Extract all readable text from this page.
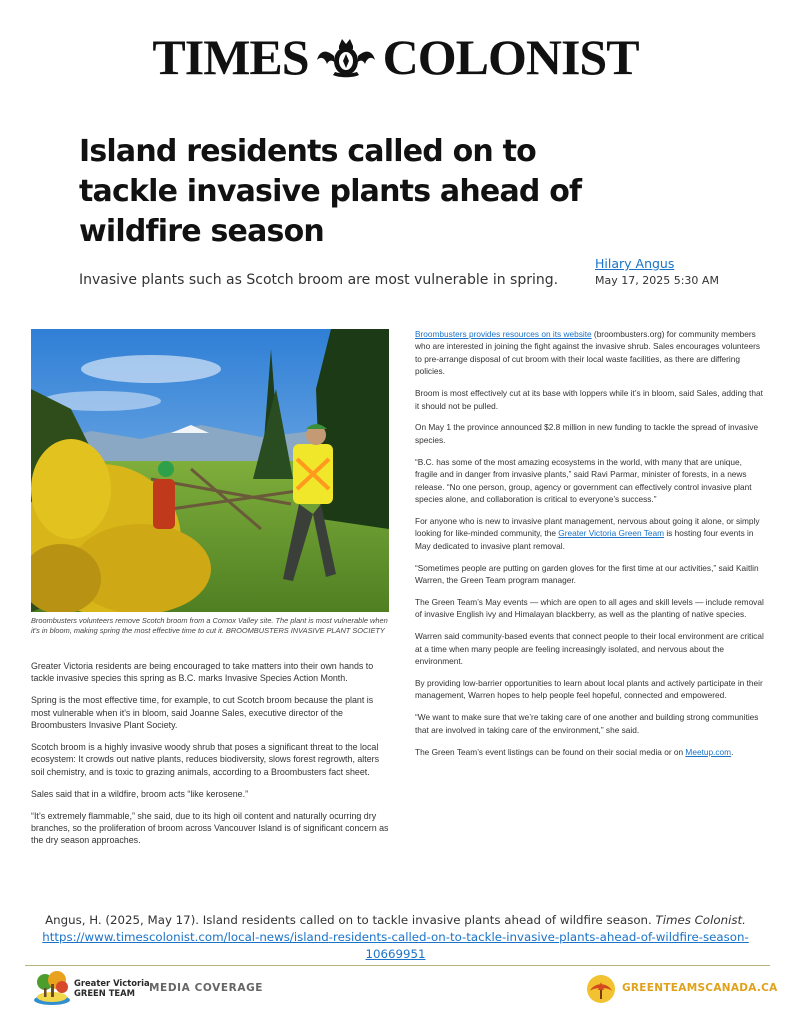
TIMES COLONIST
Island residents called on to tackle invasive plants ahead of wildfire season

Invasive plants such as Scotch broom are most vulnerable in spring.

Hilary Angus
May 17, 2025 5:30 AM
Broombusters volunteers remove Scotch broom from a Comox Valley site. The plant is most vulnerable when it's in bloom, making spring the most effective time to cut it. BROOMBUSTERS INVASIVE PLANT SOCIETY

Greater Victoria residents are being encouraged to take matters into their own hands to tackle invasive species this spring as B.C. marks Invasive Species Action Month.

Spring is the most effective time, for example, to cut Scotch broom because the plant is most vulnerable when it's in bloom, said Joanne Sales, executive director of the Broombusters Invasive Plant Society.

Scotch broom is a highly invasive woody shrub that poses a significant threat to the local ecosystem: It crowds out native plants, reduces biodiversity, slows forest regrowth, alters soil chemistry, and is toxic to grazing animals, according to a Broombusters fact sheet.

Sales said that in a wildfire, broom acts “like kerosene.”

“It’s extremely flammable,” she said, due to its high oil content and naturally ocurring dry branches, so the proliferation of broom across Vancouver Island is of significant concern as the dry season approaches.

Broombusters provides resources on its website (broombusters.org) for community members who are interested in joining the fight against the invasive shrub. Sales encourages volunteers to pre-arrange disposal of cut broom with their local waste facilities, as there are differing policies.

Broom is most effectively cut at its base with loppers while it’s in bloom, said Sales, adding that it should not be pulled.

On May 1 the province announced $2.8 million in new funding to tackle the spread of invasive species.

“B.C. has some of the most amazing ecosystems in the world, with many that are unique, fragile and in danger from invasive plants,” said Ravi Parmar, minister of forests, in a news release. “No one person, group, agency or government can effectively control invasive plant species alone, and collaboration is critical to everyone’s success.”

For anyone who is new to invasive plant management, nervous about going it alone, or simply looking for like-minded community, the Greater Victoria Green Team is hosting four events in May dedicated to invasive plant removal.

“Sometimes people are putting on garden gloves for the first time at our activities,” said Kaitlin Warren, the Green Team program manager.

The Green Team’s May events — which are open to all ages and skill levels — include removal of invasive English ivy and Himalayan blackberry, as well as the planting of native species.

Warren said community-based events that connect people to their local environment are critical at a time when many people are feeling increasingly isolated, and nervous about the environment.

By providing low-barrier opportunities to learn about local plants and actively participate in their management, Warren hopes to help people feel hopeful, connected and empowered.

“We want to make sure that we’re taking care of one another and building strong communities that are involved in taking care of the environment,” she said.

The Green Team’s event listings can be found on their social media or on Meetup.com.

Angus, H. (2025, May 17). Island residents called on to tackle invasive plants ahead of wildfire season. Times Colonist.
https://www.timescolonist.com/local-news/island-residents-called-on-to-tackle-invasive-plants-ahead-of-wildfire-season-10669951
Greater Victoria
GREEN TEAM	MEDIA COVERAGE	GREENTEAMSCANADA.CA
